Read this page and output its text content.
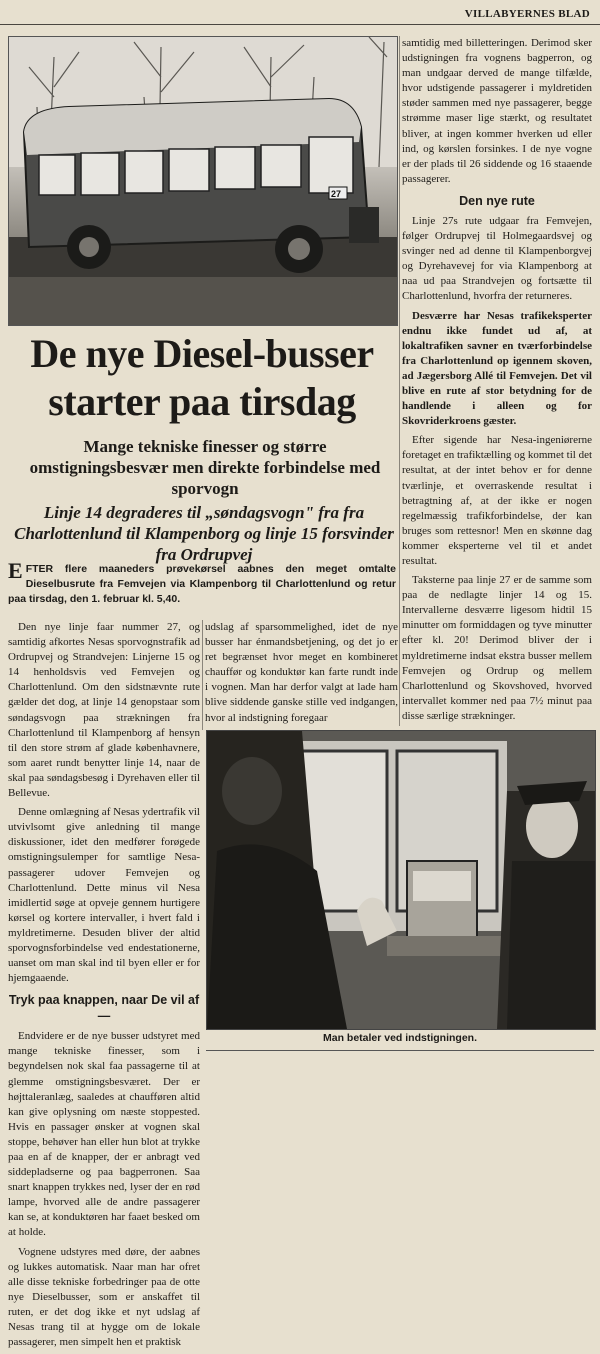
VILLABYERNES BLAD
27
De nye Diesel-busser
starter paa tirsdag
Mange tekniske finesser og større omstigningsbesvær men direkte forbindelse med sporvogn
Linje 14 degraderes til „søndagsvogn" fra fra Charlottenlund til Klampenborg og linje 15 forsvinder fra Ordrupvej

EFTER flere maaneders prøvekørsel aabnes den meget omtalte Dieselbusrute fra Femvejen via Klampenborg til Charlottenlund og retur paa tirsdag, den 1. februar kl. 5,40.

Den nye linje faar nummer 27, og samtidig afkortes Nesas sporvognstrafik ad Ordrupvej og Strandvejen: Linjerne 15 og 14 henholdsvis ved Femvejen og Charlottenlund. Om den sidstnævnte rute gælder det dog, at linje 14 genopstaar som søndagsvogn paa strækningen fra Charlottenlund til Klampenborg af hensyn til den store strøm af glade københavnere, som aaret rundt benytter linje 14, naar de skal paa søndagsbesøg i Dyrehaven eller til Bellevue.

Denne omlægning af Nesas ydertrafik vil utvivlsomt give anledning til mange diskussioner, idet den medfører forøgede omstigningsulemper for samtlige Nesa-passagerer udover Femvejen og Charlottenlund. Dette minus vil Nesa imidlertid søge at opveje gennem hurtigere kørsel og kortere intervaller, i hvert fald i myldretimerne. Desuden bliver der altid sporvognsforbindelse ved endestationerne, uanset om man skal ind til byen eller er for hjemgaaende.

Tryk paa knappen, naar De vil af —

Endvidere er de nye busser udstyret med mange tekniske finesser, som i begyndelsen nok skal faa passagerne til at glemme omstigningsbesværet. Der er højttaleranlæg, saaledes at chaufføren altid kan give oplysning om næste stoppested. Hvis en passager ønsker at vognen skal stoppe, behøver han eller hun blot at trykke paa en af de knapper, der er anbragt ved siddepladserne og paa bagperronen. Saa snart knappen trykkes ned, lyser der en rød lampe, hvorved alle de andre passagerer kan se, at konduktøren har faaet besked om at holde.

Vognene udstyres med døre, der aabnes og lukkes automatisk. Naar man har ofret alle disse tekniske forbedringer paa de otte nye Dieselbusser, som er anskaffet til ruten, er det dog ikke et nyt udslag af Nesas trang til at hygge om de lokale passagerer, men simpelt hen et praktisk

udslag af sparsommelighed, idet de nye busser har énmandsbetjening, og det jo er ret begrænset hvor meget en kombineret chauffør og konduktør kan farte rundt inde i vognen. Man har derfor valgt at lade ham blive siddende ganske stille ved indgangen, hvor al indstigning foregaar

samtidig med billetteringen. Derimod sker udstigningen fra vognens bagperron, og man undgaar derved de mange tilfælde, hvor udstigende passagerer i myldretiden støder sammen med nye passagerer, begge strømme maser lige stærkt, og resultatet bliver, at ingen kommer hverken ud eller ind, og kørslen forsinkes. I de nye vogne er der plads til 26 siddende og 16 staaende passagerer.

Den nye rute

Linje 27s rute udgaar fra Femvejen, følger Ordrupvej til Holmegaardsvej og svinger ned ad denne til Klampenborgvej og Dyrehavevej for via Klampenborg at naa ud paa Strandvejen og fortsætte til Charlottenlund, hvorfra der returneres.

Desværre har Nesas trafikeksperter endnu ikke fundet ud af, at lokaltrafiken savner en tværforbindelse fra Charlottenlund op igennem skoven, ad Jægersborg Allé til Femvejen. Det vil blive en rute af stor betydning for de handlende i alleen og for Skovriderkroens gæster.

Efter sigende har Nesa-ingeniørerne foretaget en trafiktælling og kommet til det resultat, at der intet behov er for denne tværlinje, et overraskende resultat i betragtning af, at der ikke er nogen regelmæssig trafikforbindelse, der kan bruges som rettesnor! Men en skønne dag kommer eksperterne vel til et andet resultat.

Taksterne paa linje 27 er de samme som paa de nedlagte linjer 14 og 15. Intervallerne desværre ligesom hidtil 15 minutter om formiddagen og tyve minutter efter kl. 20! Derimod bliver der i myldretimerne indsat ekstra busser mellem Femvejen og Ordrup og mellem Charlottenlund og Skovshoved, hvorved intervallet kommer ned paa 7½ minut paa disse særlige strækninger.

Man betaler ved indstigningen.
